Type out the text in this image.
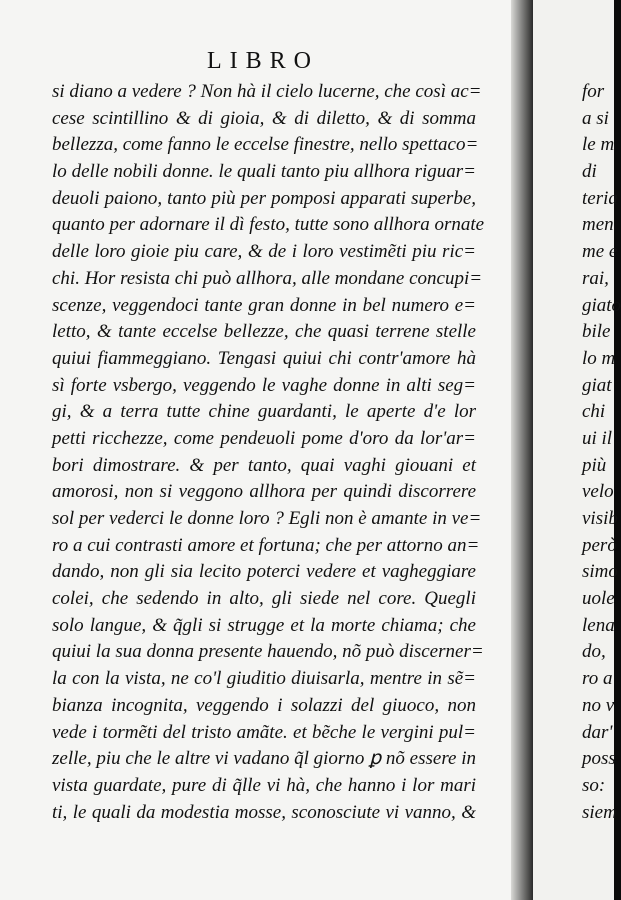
LIBRO
si diano a vedere ? Non hà il cielo lucerne, che così ac=
cese scintillino & di gioia, & di diletto, & di somma
bellezza, come fanno le eccelse finestre, nello spettaco=
lo delle nobili donne. le quali tanto piu allhora riguar=
deuoli paiono, tanto più per pomposi apparati superbe,
quanto per adornare il dì festo, tutte sono allhora ornate
delle loro gioie piu care, & de i loro vestimẽti piu ric=
chi. Hor resista chi può allhora, alle mondane concupi=
scenze, veggendoci tante gran donne in bel numero e=
letto, & tante eccelse bellezze, che quasi terrene stelle
quiui fiammeggiano. Tengasi quiui chi contr'amore hà
sì forte vsbergo, veggendo le vaghe donne in alti seg=
gi, & a terra tutte chine guardanti, le aperte d'e lor
petti ricchezze, come pendeuoli pome d'oro da lor'ar=
bori dimostrare. & per tanto, quai vaghi giouani et
amorosi, non si veggono allhora per quindi discorrere
sol per vederci le donne loro ? Egli non è amante in ve=
ro a cui contrasti amore et fortuna; che per attorno an=
dando, non gli sia lecito poterci vedere et vagheggiare
colei, che sedendo in alto, gli siede nel core. Quegli
solo langue, & q̃gli si strugge et la morte chiama; che
quiui la sua donna presente hauendo, nõ può discerner=
la con la vista, ne co'l giuditio diuisarla, mentre in sẽ=
bianza incognita, veggendo i solazzi del giuoco, non
vede i tormẽti del tristo amãte. et bẽche le vergini pul=
zelle, piu che le altre vi vadano q̃l giorno ꝑ nõ essere in
vista guardate, pure di q̃lle vi hà, che hanno i lor mari
ti, le quali da modestia mosse, sconosciute vi vanno, &
for
a si
le m
di
teria
men
me e
rai,
giato
bile
lo m
giat
chi
ui il
più
velo
visib
però
simo
uole
lena
do,
ro a
no v
dar'
poss
so:
siem
